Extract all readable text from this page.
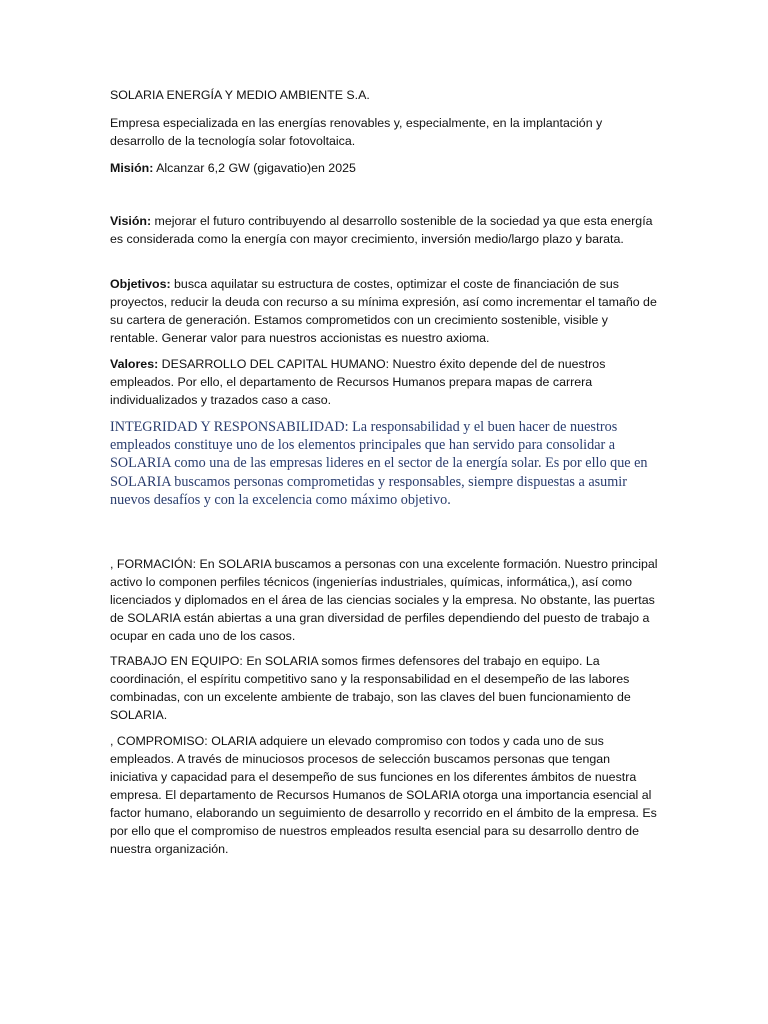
SOLARIA ENERGÍA Y MEDIO AMBIENTE S.A.

Empresa especializada en las energías renovables y, especialmente, en la implantación y desarrollo de la tecnología solar fotovoltaica.

Misión: Alcanzar 6,2 GW (gigavatio)en 2025

Visión: mejorar el futuro contribuyendo al desarrollo sostenible de la sociedad ya que esta energía es considerada como la energía con mayor crecimiento, inversión medio/largo plazo y barata.

Objetivos: busca aquilatar su estructura de costes, optimizar el coste de financiación de sus proyectos, reducir la deuda con recurso a su mínima expresión, así como incrementar el tamaño de su cartera de generación. Estamos comprometidos con un crecimiento sostenible, visible y rentable. Generar valor para nuestros accionistas es nuestro axioma.

Valores: DESARROLLO DEL CAPITAL HUMANO: Nuestro éxito depende del de nuestros empleados. Por ello, el departamento de Recursos Humanos prepara mapas de carrera individualizados y trazados caso a caso.

INTEGRIDAD Y RESPONSABILIDAD: La responsabilidad y el buen hacer de nuestros empleados constituye uno de los elementos principales que han servido para consolidar a SOLARIA como una de las empresas lideres en el sector de la energía solar. Es por ello que en SOLARIA buscamos personas comprometidas y responsables, siempre dispuestas a asumir nuevos desafíos y con la excelencia como máximo objetivo.

, FORMACIÓN: En SOLARIA buscamos a personas con una excelente formación. Nuestro principal activo lo componen perfiles técnicos (ingenierías industriales, químicas, informática,), así como licenciados y diplomados en el área de las ciencias sociales y la empresa. No obstante, las puertas de SOLARIA están abiertas a una gran diversidad de perfiles dependiendo del puesto de trabajo a ocupar en cada uno de los casos.

TRABAJO EN EQUIPO: En SOLARIA somos firmes defensores del trabajo en equipo. La coordinación, el espíritu competitivo sano y la responsabilidad en el desempeño de las labores combinadas, con un excelente ambiente de trabajo, son las claves del buen funcionamiento de SOLARIA.

, COMPROMISO: OLARIA adquiere un elevado compromiso con todos y cada uno de sus empleados. A través de minuciosos procesos de selección buscamos personas que tengan iniciativa y capacidad para el desempeño de sus funciones en los diferentes ámbitos de nuestra empresa. El departamento de Recursos Humanos de SOLARIA otorga una importancia esencial al factor humano, elaborando un seguimiento de desarrollo y recorrido en el ámbito de la empresa. Es por ello que el compromiso de nuestros empleados resulta esencial para su desarrollo dentro de nuestra organización.
